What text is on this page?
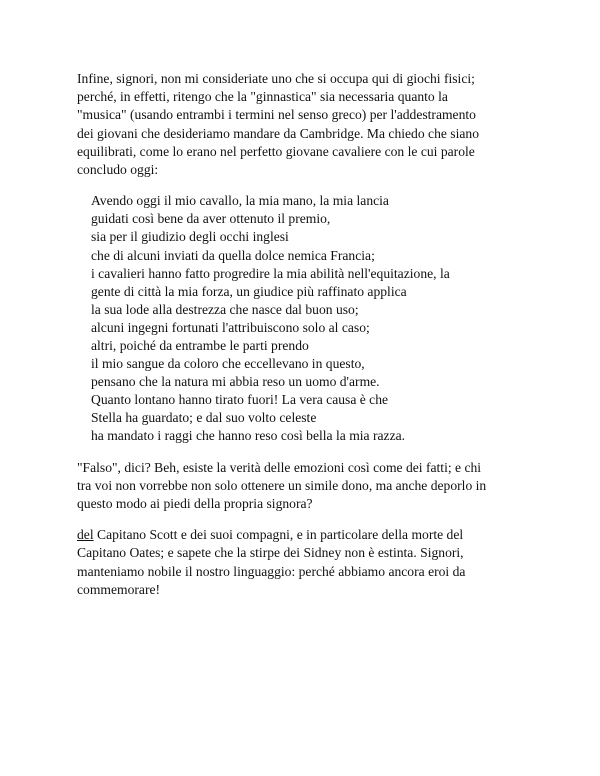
Infine, signori, non mi consideriate uno che si occupa qui di giochi fisici;
perché, in effetti, ritengo che la "ginnastica" sia necessaria quanto la
"musica" (usando entrambi i termini nel senso greco) per l'addestramento
dei giovani che desideriamo mandare da Cambridge. Ma chiedo che siano
equilibrati, come lo erano nel perfetto giovane cavaliere con le cui parole
concludo oggi:

Avendo oggi il mio cavallo, la mia mano, la mia lancia
guidati così bene da aver ottenuto il premio,
sia per il giudizio degli occhi inglesi
che di alcuni inviati da quella dolce nemica Francia;
i cavalieri hanno fatto progredire la mia abilità nell'equitazione, la
gente di città la mia forza, un giudice più raffinato applica
la sua lode alla destrezza che nasce dal buon uso;
alcuni ingegni fortunati l'attribuiscono solo al caso;
altri, poiché da entrambe le parti prendo
il mio sangue da coloro che eccellevano in questo,
pensano che la natura mi abbia reso un uomo d'arme.
Quanto lontano hanno tirato fuori! La vera causa è che
Stella ha guardato; e dal suo volto celeste
ha mandato i raggi che hanno reso così bella la mia razza.

"Falso", dici? Beh, esiste la verità delle emozioni così come dei fatti; e chi
tra voi non vorrebbe non solo ottenere un simile dono, ma anche deporlo in
questo modo ai piedi della propria signora?

del Capitano Scott e dei suoi compagni, e in particolare della morte del
Capitano Oates; e sapete che la stirpe dei Sidney non è estinta. Signori,
manteniamo nobile il nostro linguaggio: perché abbiamo ancora eroi da
commemorare!
